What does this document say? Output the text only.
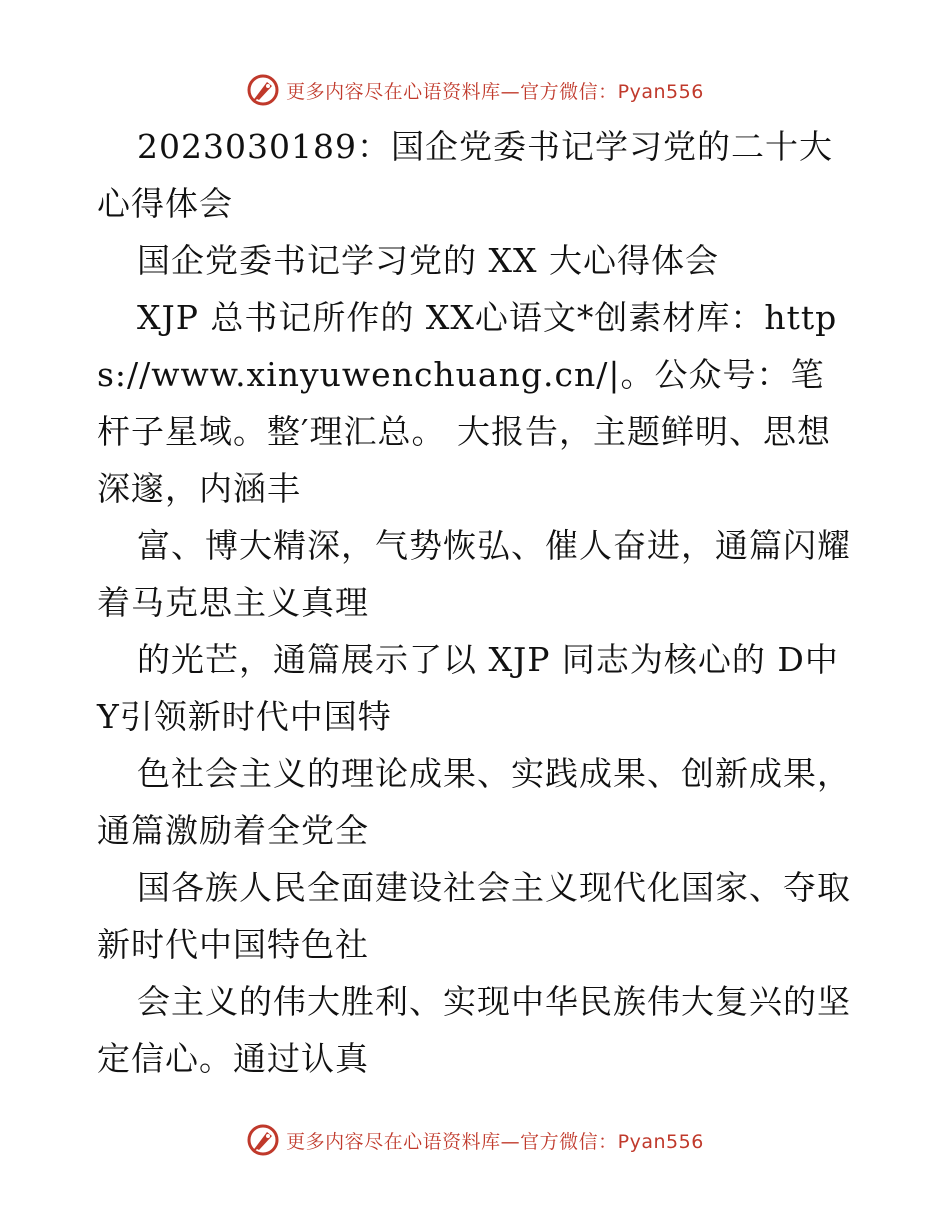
更多内容尽在心语资料库—官方微信：Pyan556

2023030189：国企党委书记学习党的二十大心得体会

国企党委书记学习党的 XX 大心得体会

XJP 总书记所作的 XX心语文*创素材库：https://www.xinyuwenchuang.cn/|。公众号：笔杆子星域。整′理汇总。 大报告，主题鲜明、思想深邃，内涵丰

富、博大精深，气势恢弘、催人奋进，通篇闪耀着马克思主义真理

的光芒，通篇展示了以 XJP 同志为核心的 D中Y引领新时代中国特

色社会主义的理论成果、实践成果、创新成果，通篇激励着全党全

国各族人民全面建设社会主义现代化国家、夺取新时代中国特色社

会主义的伟大胜利、实现中华民族伟大复兴的坚定信心。通过认真

更多内容尽在心语资料库—官方微信：Pyan556
